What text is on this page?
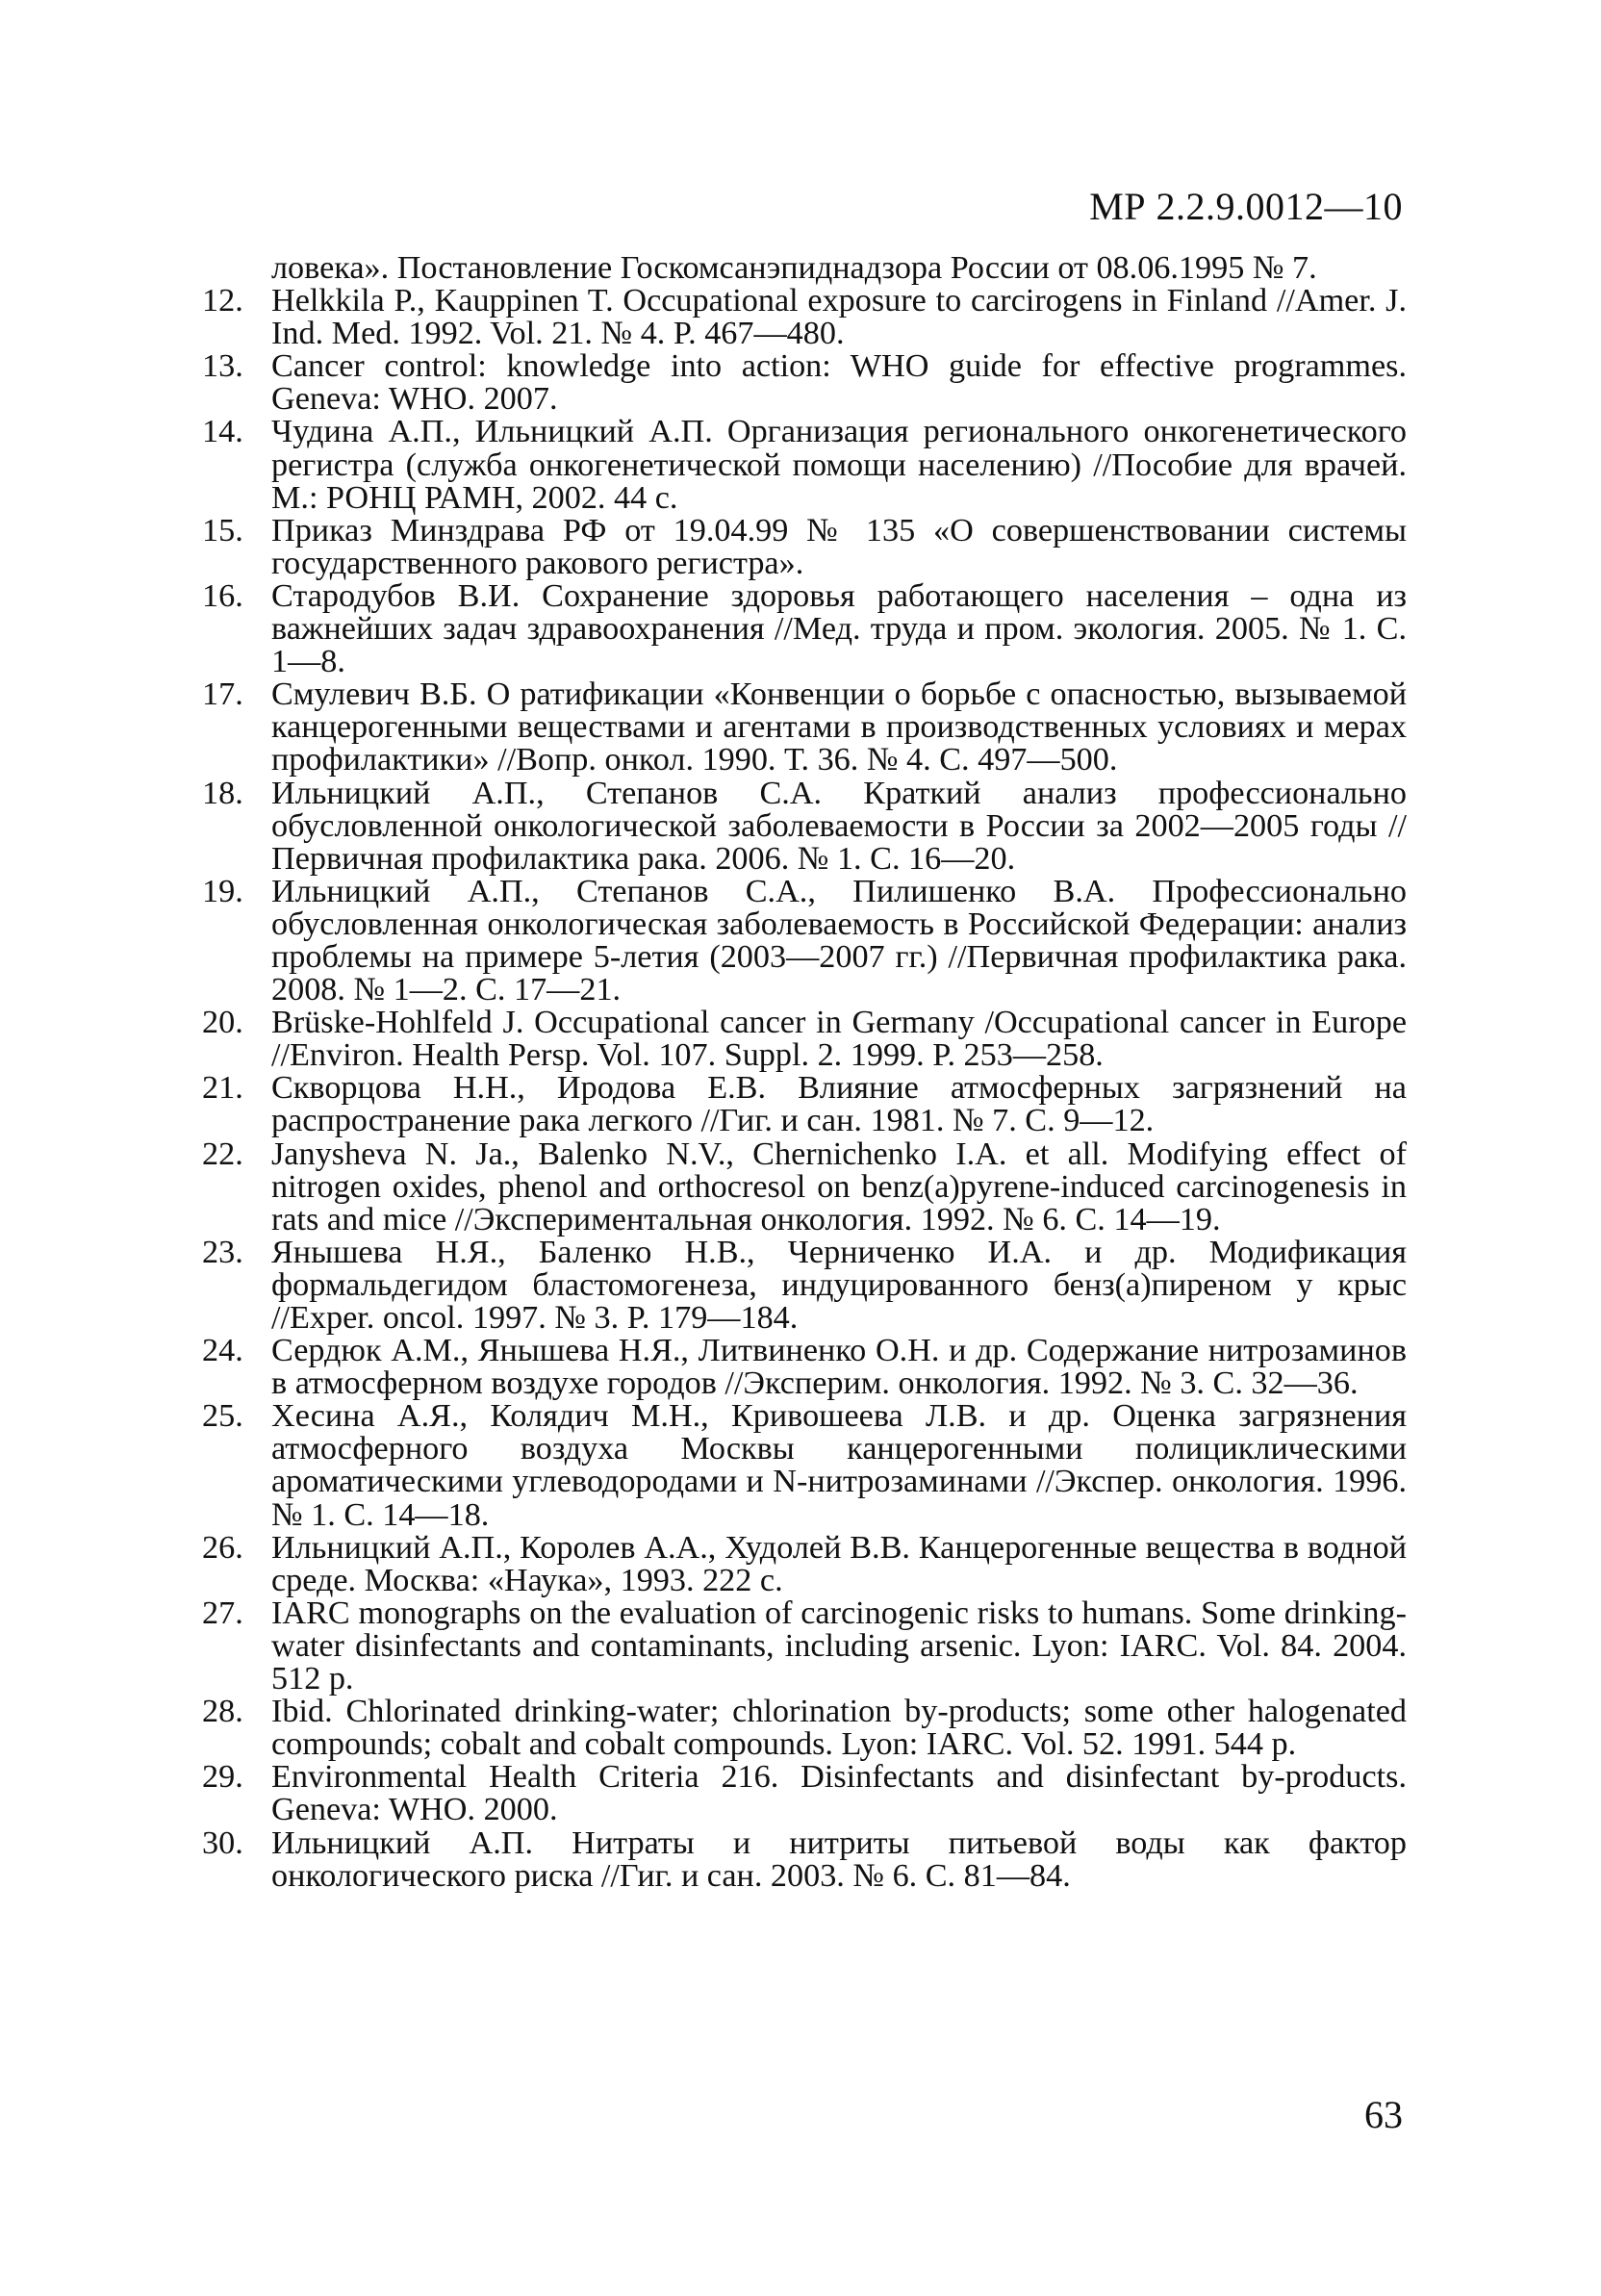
МР 2.2.9.0012—10
ловека». Постановление Госкомсанэпиднадзора России от 08.06.1995 № 7.
12. Helkkila P., Kauppinen T. Occupational exposure to carcirogens in Finland //Amer. J. Ind. Med. 1992. Vol. 21. № 4. P. 467—480.
13. Cancer control: knowledge into action: WHO guide for effective programmes. Geneva: WHO. 2007.
14. Чудина А.П., Ильницкий А.П. Организация регионального онкогенетического регистра (служба онкогенетической помощи населению) //Пособие для врачей. М.: РОНЦ РАМН, 2002. 44 с.
15. Приказ Минздрава РФ от 19.04.99 № 135 «О совершенствовании системы государственного ракового регистра».
16. Стародубов В.И. Сохранение здоровья работающего населения – одна из важнейших задач здравоохранения //Мед. труда и пром. экология. 2005. № 1. С. 1—8.
17. Смулевич В.Б. О ратификации «Конвенции о борьбе с опасностью, вызываемой канцерогенными веществами и агентами в производственных условиях и мерах профилактики» //Вопр. онкол. 1990. Т. 36. № 4. С. 497—500.
18. Ильницкий А.П., Степанов С.А. Краткий анализ профессионально обусловленной онкологической заболеваемости в России за 2002—2005 годы //Первичная профилактика рака. 2006. № 1. С. 16—20.
19. Ильницкий А.П., Степанов С.А., Пилишенко В.А. Профессионально обусловленная онкологическая заболеваемость в Российской Федерации: анализ проблемы на примере 5-летия (2003—2007 гг.) //Первичная профилактика рака. 2008. № 1—2. С. 17—21.
20. Brüske-Hohlfeld J. Occupational cancer in Germany /Occupational cancer in Europe //Environ. Health Persp. Vol. 107. Suppl. 2. 1999. P. 253—258.
21. Скворцова Н.Н., Иродова Е.В. Влияние атмосферных загрязнений на распространение рака легкого //Гиг. и сан. 1981. № 7. С. 9—12.
22. Janysheva N. Ja., Balenko N.V., Chernichenko I.A. et all. Modifying effect of nitrogen oxides, phenol and orthocresol on benz(a)pyrene-induced carcinogenesis in rats and mice //Экспериментальная онкология. 1992. № 6. С. 14—19.
23. Янышева Н.Я., Баленко Н.В., Черниченко И.А. и др. Модификация формальдегидом бластомогенеза, индуцированного бенз(а)пиреном у крыс //Exper. oncol. 1997. № 3. P. 179—184.
24. Сердюк А.М., Янышева Н.Я., Литвиненко О.Н. и др. Содержание нитрозаминов в атмосферном воздухе городов //Эксперим. онкология. 1992. № 3. С. 32—36.
25. Хесина А.Я., Колядич М.Н., Кривошеева Л.В. и др. Оценка загрязнения атмосферного воздуха Москвы канцерогенными полициклическими ароматическими углеводородами и N-нитрозаминами //Экспер. онкология. 1996. № 1. С. 14—18.
26. Ильницкий А.П., Королев А.А., Худолей В.В. Канцерогенные вещества в водной среде. Москва: «Наука», 1993. 222 с.
27. IARC monographs on the evaluation of carcinogenic risks to humans. Some drinking-water disinfectants and contaminants, including arsenic. Lyon: IARC. Vol. 84. 2004. 512 p.
28. Ibid. Chlorinated drinking-water; chlorination by-products; some other halogenated compounds; cobalt and cobalt compounds. Lyon: IARC. Vol. 52. 1991. 544 p.
29. Environmental Health Criteria 216. Disinfectants and disinfectant by-products. Geneva: WHO. 2000.
30. Ильницкий А.П. Нитраты и нитриты питьевой воды как фактор онкологического риска //Гиг. и сан. 2003. № 6. С. 81—84.
63
